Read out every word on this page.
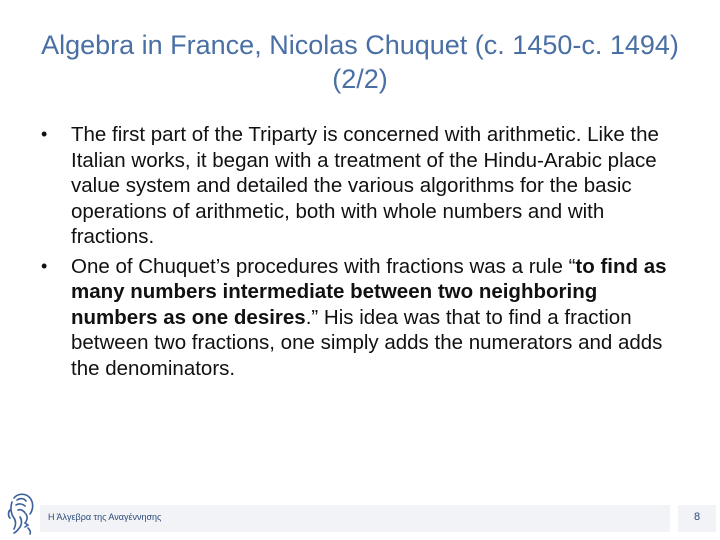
Algebra in France, Nicolas Chuquet (c. 1450-c. 1494) (2/2)
• The first part of the Triparty is concerned with arithmetic. Like the Italian works, it began with a treatment of the Hindu-Arabic place value system and detailed the various algorithms for the basic operations of arithmetic, both with whole numbers and with fractions.
• One of Chuquet’s procedures with fractions was a rule “to find as many numbers intermediate between two neighboring numbers as one desires.” His idea was that to find a fraction between two fractions, one simply adds the numerators and adds the denominators.
Η Άλγεβρα της Αναγέννησης	8
